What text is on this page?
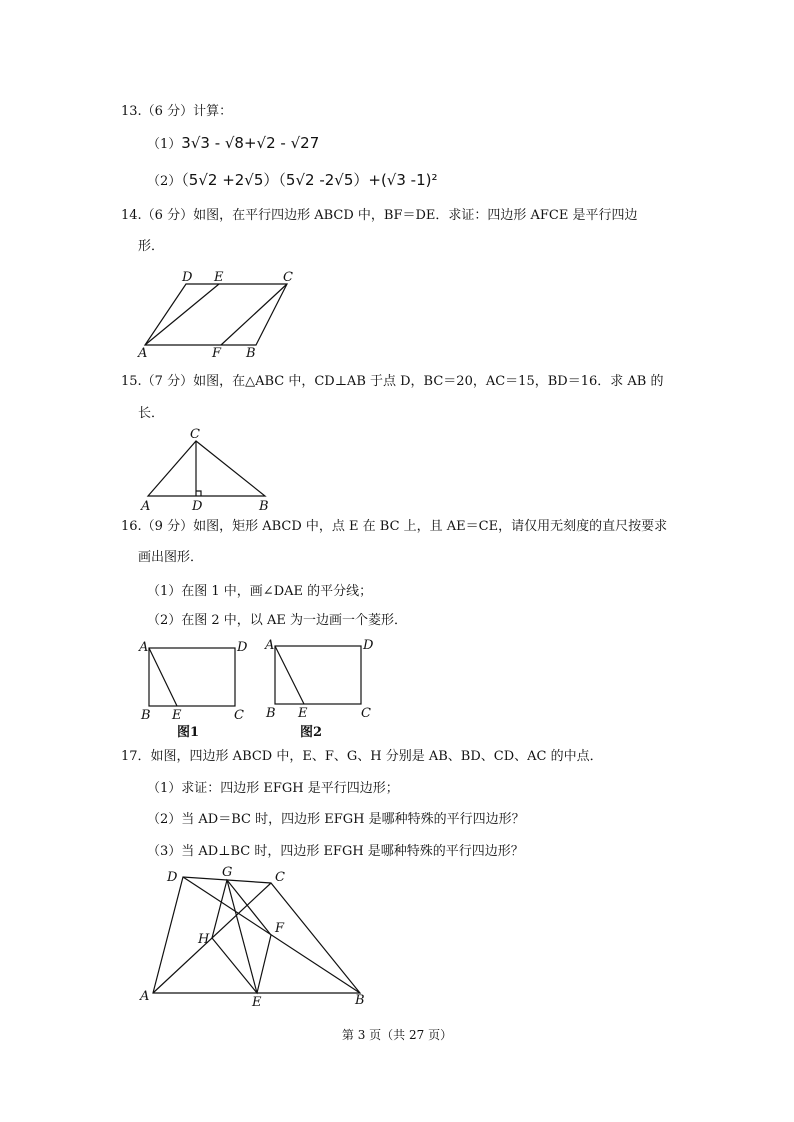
13.（6 分）计算：
（1）3√3 - √8+√2 - √27
（2）（5√2 +2√5）（5√2 -2√5）+(√3 -1)²
14.（6 分）如图，在平行四边形 ABCD 中，BF＝DE．求证：四边形 AFCE 是平行四边
形．
D E	C
A	F B
15.（7 分）如图，在△ABC 中，CD⊥AB 于点 D，BC＝20，AC＝15，BD＝16．求 AB 的
长．
C
A	D	B
16.（9 分）如图，矩形 ABCD 中，点 E 在 BC 上，且 AE＝CE，请仅用无刻度的直尺按要求
画出图形．
（1）在图 1 中，画∠DAE 的平分线；
（2）在图 2 中，以 AE 为一边画一个菱形．
A	D
B E	C
图1
A	D
B E	C
图2
17．如图，四边形 ABCD 中，E、F、G、H 分别是 AB、BD、CD、AC 的中点．
（1）求证：四边形 EFGH 是平行四边形；
（2）当 AD＝BC 时，四边形 EFGH 是哪种特殊的平行四边形？
（3）当 AD⊥BC 时，四边形 EFGH 是哪种特殊的平行四边形？
D	G	C
H
F
A	E	B
第 3 页（共 27 页）
